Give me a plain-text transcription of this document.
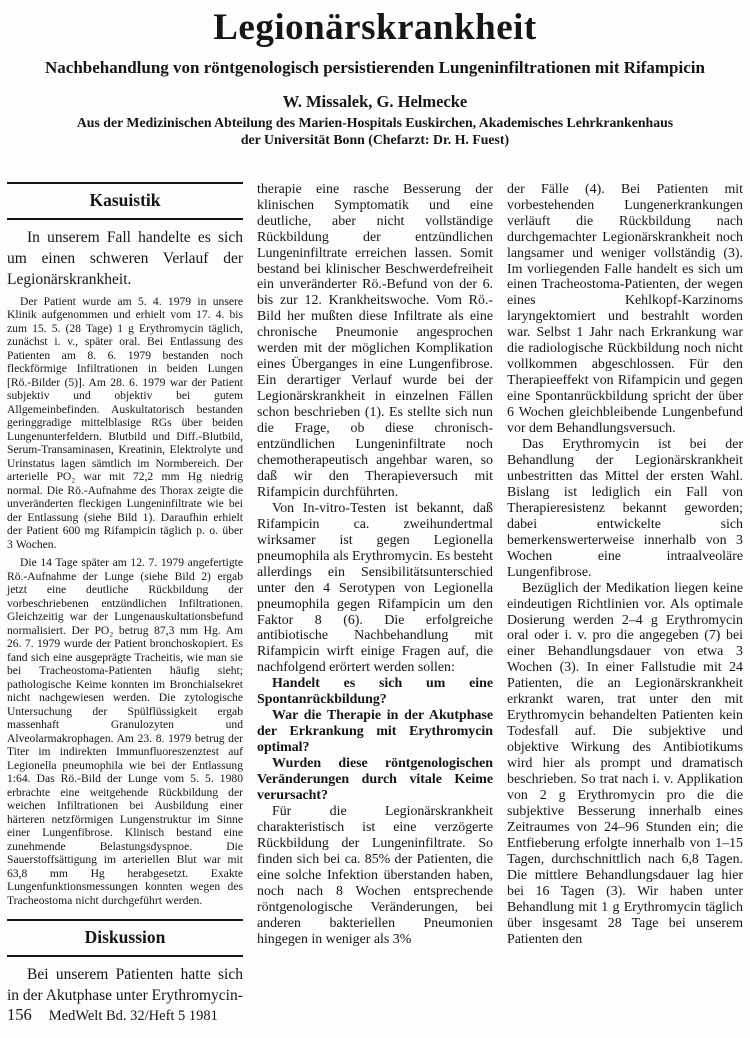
Legionärskrankheit
Nachbehandlung von röntgenologisch persistierenden Lungeninfiltrationen mit Rifampicin
W. Missalek, G. Helmecke
Aus der Medizinischen Abteilung des Marien-Hospitals Euskirchen, Akademisches Lehrkrankenhaus
der Universität Bonn (Chefarzt: Dr. H. Fuest)
Kasuistik

In unserem Fall handelte es sich um einen schweren Verlauf der Legionärskrankheit.

Der Patient wurde am 5. 4. 1979 in unsere Klinik aufgenommen und erhielt vom 17. 4. bis zum 15. 5. (28 Tage) 1 g Erythromycin täglich, zunächst i. v., später oral. Bei Entlassung des Patienten am 8. 6. 1979 bestanden noch fleckförmige Infiltrationen in beiden Lungen [Rö.-Bilder (5)]. Am 28. 6. 1979 war der Patient subjektiv und objektiv bei gutem Allgemeinbefinden. Auskultatorisch bestanden geringgradige mittelblasige RGs über beiden Lungenunterfeldern. Blutbild und Diff.-Blutbild, Serum-Transaminasen, Kreatinin, Elektrolyte und Urinstatus lagen sämtlich im Normbereich. Der arterielle PO₂ war mit 72,2 mm Hg niedrig normal. Die Rö.-Aufnahme des Thorax zeigte die unveränderten fleckigen Lungeninfiltrate wie bei der Entlassung (siehe Bild 1). Daraufhin erhielt der Patient 600 mg Rifampicin täglich p. o. über 3 Wochen.

Die 14 Tage später am 12. 7. 1979 angefertigte Rö.-Aufnahme der Lunge (siehe Bild 2) ergab jetzt eine deutliche Rückbildung der vorbeschriebenen entzündlichen Infiltrationen. Gleichzeitig war der Lungenauskultationsbefund normalisiert. Der PO₂ betrug 87,3 mm Hg. Am 26. 7. 1979 wurde der Patient bronchoskopiert. Es fand sich eine ausgeprägte Tracheitis, wie man sie bei Tracheostoma-Patienten häufig sieht; pathologische Keime konnten im Bronchialsekret nicht nachgewiesen werden. Die zytologische Untersuchung der Spülflüssigkeit ergab massenhaft Granulozyten und Alveolarmakrophagen. Am 23. 8. 1979 betrug der Titer im indirekten Immunfluoreszenztest auf Legionella pneumophila wie bei der Entlassung 1:64. Das Rö.-Bild der Lunge vom 5. 5. 1980 erbrachte eine weitgehende Rückbildung der weichen Infiltrationen bei Ausbildung einer härteren netzförmigen Lungenstruktur im Sinne einer Lungenfibrose. Klinisch bestand eine zunehmende Belastungsdyspnoe. Die Sauerstoffsättigung im arteriellen Blut war mit 63,8 mm Hg herabgesetzt. Exakte Lungenfunktionsmessungen konnten wegen des Tracheostoma nicht durchgeführt werden.

Diskussion

Bei unserem Patienten hatte sich in der Akutphase unter Erythromycin-

therapie eine rasche Besserung der klinischen Symptomatik und eine deutliche, aber nicht vollständige Rückbildung der entzündlichen Lungeninfiltrate erreichen lassen. Somit bestand bei klinischer Beschwerdefreiheit ein unveränderter Rö.-Befund von der 6. bis zur 12. Krankheitswoche. Vom Rö.-Bild her mußten diese Infiltrate als eine chronische Pneumonie angesprochen werden mit der möglichen Komplikation eines Überganges in eine Lungenfibrose. Ein derartiger Verlauf wurde bei der Legionärskrankheit in einzelnen Fällen schon beschrieben (1). Es stellte sich nun die Frage, ob diese chronisch-entzündlichen Lungeninfiltrate noch chemotherapeutisch angehbar waren, so daß wir den Therapieversuch mit Rifampicin durchführten.

Von In-vitro-Testen ist bekannt, daß Rifampicin ca. zweihundertmal wirksamer ist gegen Legionella pneumophila als Erythromycin. Es besteht allerdings ein Sensibilitätsunterschied unter den 4 Serotypen von Legionella pneumophila gegen Rifampicin um den Faktor 8 (6). Die erfolgreiche antibiotische Nachbehandlung mit Rifampicin wirft einige Fragen auf, die nachfolgend erörtert werden sollen:

Handelt es sich um eine Spontanrückbildung?

War die Therapie in der Akutphase der Erkrankung mit Erythromycin optimal?

Wurden diese röntgenologischen Veränderungen durch vitale Keime verursacht?

Für die Legionärskrankheit charakteristisch ist eine verzögerte Rückbildung der Lungeninfiltrate. So finden sich bei ca. 85% der Patienten, die eine solche Infektion überstanden haben, noch nach 8 Wochen entsprechende röntgenologische Veränderungen, bei anderen bakteriellen Pneumonien hingegen in weniger als 3%

der Fälle (4). Bei Patienten mit vorbestehenden Lungenerkrankungen verläuft die Rückbildung nach durchgemachter Legionärskrankheit noch langsamer und weniger vollständig (3). Im vorliegenden Falle handelt es sich um einen Tracheostoma-Patienten, der wegen eines Kehlkopf-Karzinoms laryngektomiert und bestrahlt worden war. Selbst 1 Jahr nach Erkrankung war die radiologische Rückbildung noch nicht vollkommen abgeschlossen. Für den Therapieeffekt von Rifampicin und gegen eine Spontanrückbildung spricht der über 6 Wochen gleichbleibende Lungenbefund vor dem Behandlungsversuch.

Das Erythromycin ist bei der Behandlung der Legionärskrankheit unbestritten das Mittel der ersten Wahl. Bislang ist lediglich ein Fall von Therapieresistenz bekannt geworden; dabei entwickelte sich bemerkenswerterweise innerhalb von 3 Wochen eine intraalveoläre Lungenfibrose.

Bezüglich der Medikation liegen keine eindeutigen Richtlinien vor. Als optimale Dosierung werden 2–4 g Erythromycin oral oder i. v. pro die angegeben (7) bei einer Behandlungsdauer von etwa 3 Wochen (3). In einer Fallstudie mit 24 Patienten, die an Legionärskrankheit erkrankt waren, trat unter den mit Erythromycin behandelten Patienten kein Todesfall auf. Die subjektive und objektive Wirkung des Antibiotikums wird hier als prompt und dramatisch beschrieben. So trat nach i. v. Applikation von 2 g Erythromycin pro die die subjektive Besserung innerhalb eines Zeitraumes von 24–96 Stunden ein; die Entfieberung erfolgte innerhalb von 1–15 Tagen, durchschnittlich nach 6,8 Tagen. Die mittlere Behandlungsdauer lag hier bei 16 Tagen (3). Wir haben unter Behandlung mit 1 g Erythromycin täglich über insgesamt 28 Tage bei unserem Patienten den

156 MedWelt Bd. 32/Heft 5 1981
